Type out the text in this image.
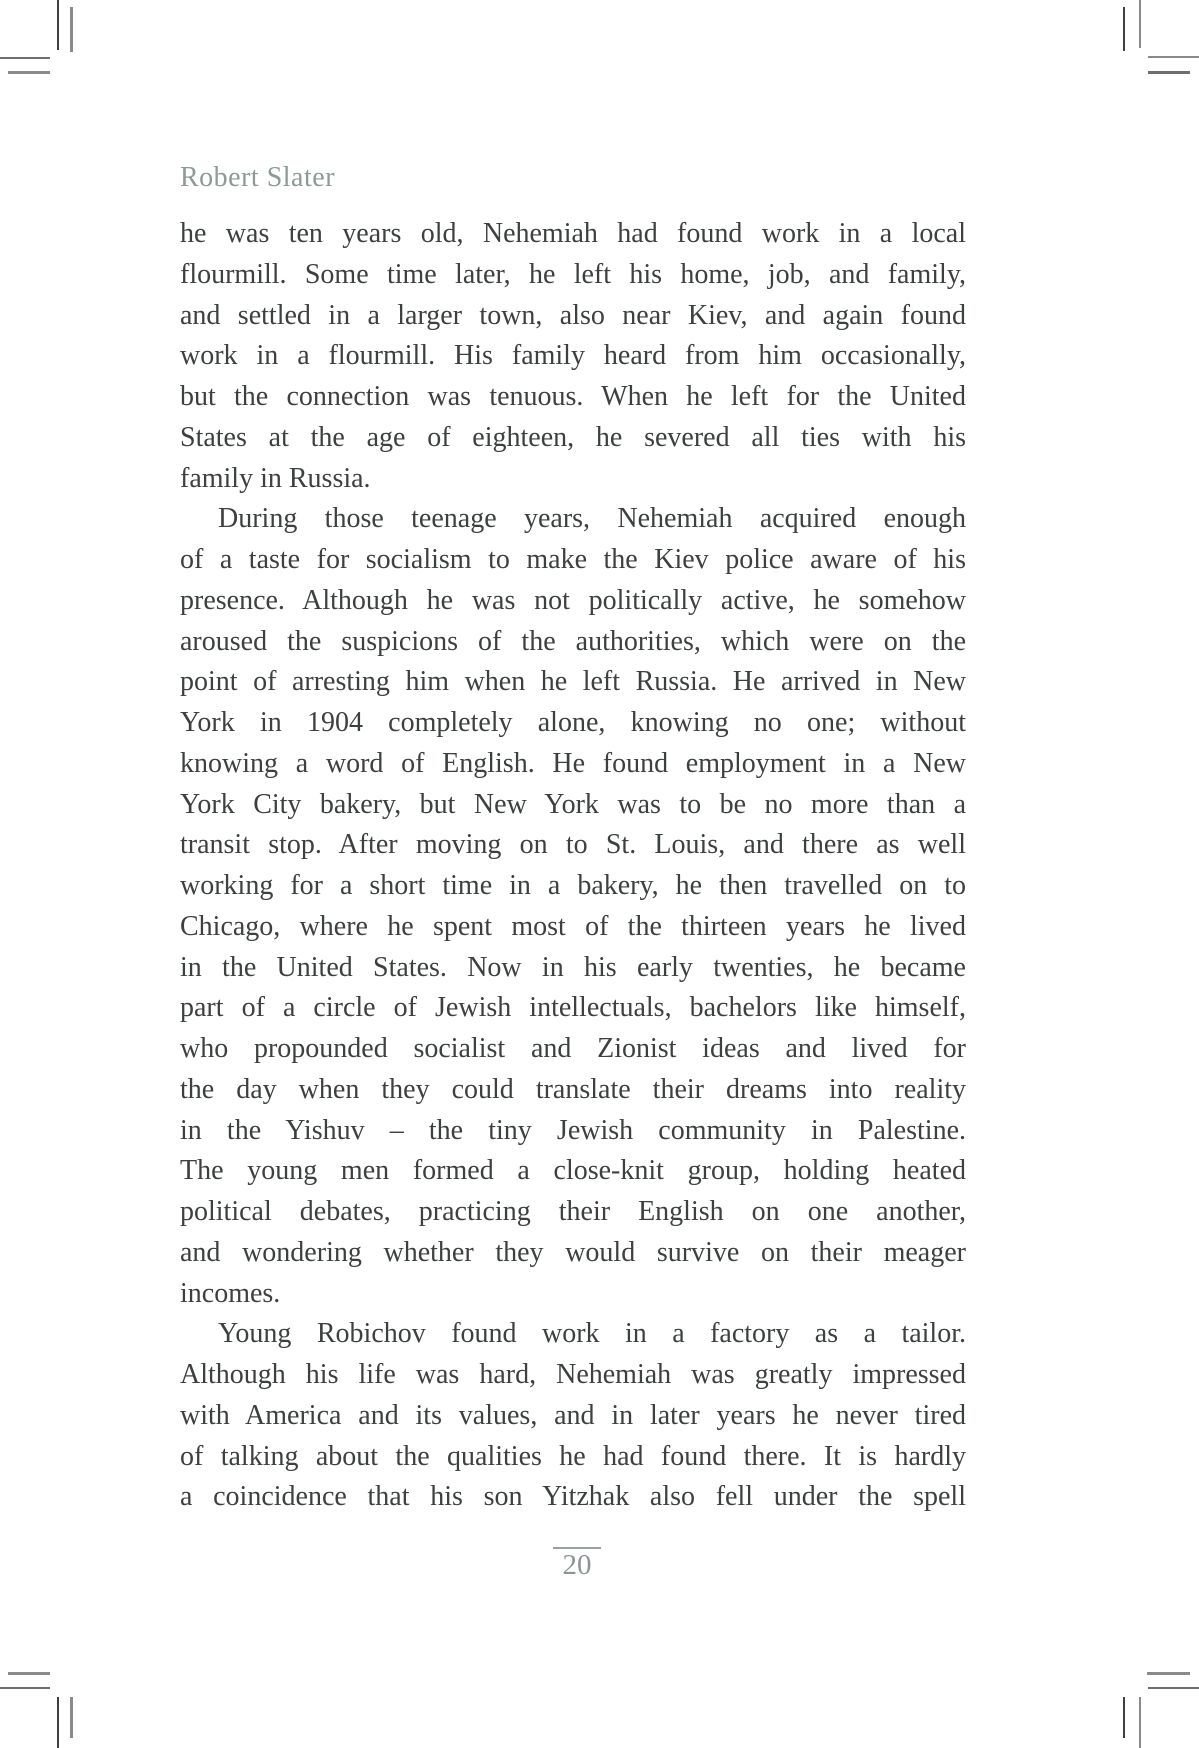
Robert Slater
he was ten years old, Nehemiah had found work in a local
flourmill. Some time later, he left his home, job, and family,
and settled in a larger town, also near Kiev, and again found
work in a flourmill. His family heard from him occasionally,
but the connection was tenuous. When he left for the United
States at the age of eighteen, he severed all ties with his
family in Russia.
During those teenage years, Nehemiah acquired enough
of a taste for socialism to make the Kiev police aware of his
presence. Although he was not politically active, he somehow
aroused the suspicions of the authorities, which were on the
point of arresting him when he left Russia. He arrived in New
York in 1904 completely alone, knowing no one; without
knowing a word of English. He found employment in a New
York City bakery, but New York was to be no more than a
transit stop. After moving on to St. Louis, and there as well
working for a short time in a bakery, he then travelled on to
Chicago, where he spent most of the thirteen years he lived
in the United States. Now in his early twenties, he became
part of a circle of Jewish intellectuals, bachelors like himself,
who propounded socialist and Zionist ideas and lived for
the day when they could translate their dreams into reality
in the Yishuv – the tiny Jewish community in Palestine.
The young men formed a close-knit group, holding heated
political debates, practicing their English on one another,
and wondering whether they would survive on their meager
incomes.
Young Robichov found work in a factory as a tailor.
Although his life was hard, Nehemiah was greatly impressed
with America and its values, and in later years he never tired
of talking about the qualities he had found there. It is hardly
a coincidence that his son Yitzhak also fell under the spell
20
